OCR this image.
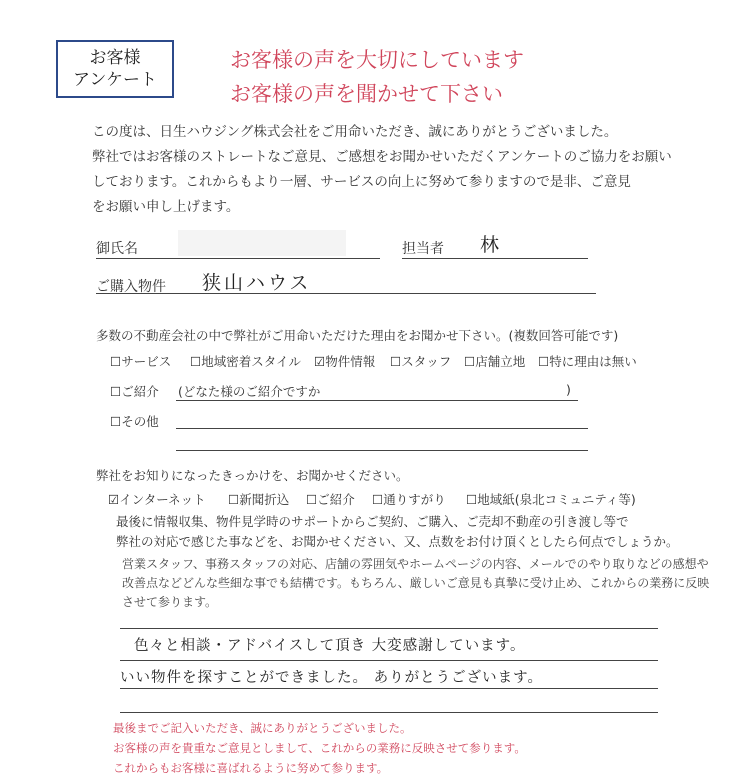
お客様
アンケート
お客様の声を大切にしています
お客様の声を聞かせて下さい
この度は、日生ハウジング株式会社をご用命いただき、誠にありがとうございました。
弊社ではお客様のストレートなご意見、ご感想をお聞かせいただくアンケートのご協力をお願い
しております。これからもより一層、サービスの向上に努めて参りますので是非、ご意見
をお願い申し上げます。
御氏名	担当者 林
ご購入物件 狭山ハウス
多数の不動産会社の中で弊社がご用命いただけた理由をお聞かせ下さい。(複数回答可能です)
☐サービス ☐地域密着スタイル ☑物件情報 ☐スタッフ ☐店舗立地 ☐特に理由は無い
☐ご紹介 (どなた様のご紹介ですか	)
☐その他
弊社をお知りになったきっかけを、お聞かせください。
☑インターネット ☐新聞折込 ☐ご紹介 ☐通りすがり ☐地域紙(泉北コミュニティ等)
最後に情報収集、物件見学時のサポートからご契約、ご購入、ご売却不動産の引き渡し等で
弊社の対応で感じた事などを、お聞かせください、又、点数をお付け頂くとしたら何点でしょうか。
営業スタッフ、事務スタッフの対応、店舗の雰囲気やホームページの内容、メールでのやり取りなどの感想や
改善点などどんな些細な事でも結構です。もちろん、厳しいご意見も真摯に受け止め、これからの業務に反映
させて参ります。
色々と相談・アドバイスして頂き 大変感謝しています。
いい物件を探すことができました。 ありがとうございます。
最後までご記入いただき、誠にありがとうございました。
お客様の声を貴重なご意見としまして、これからの業務に反映させて参ります。
これからもお客様に喜ばれるように努めて参ります。
